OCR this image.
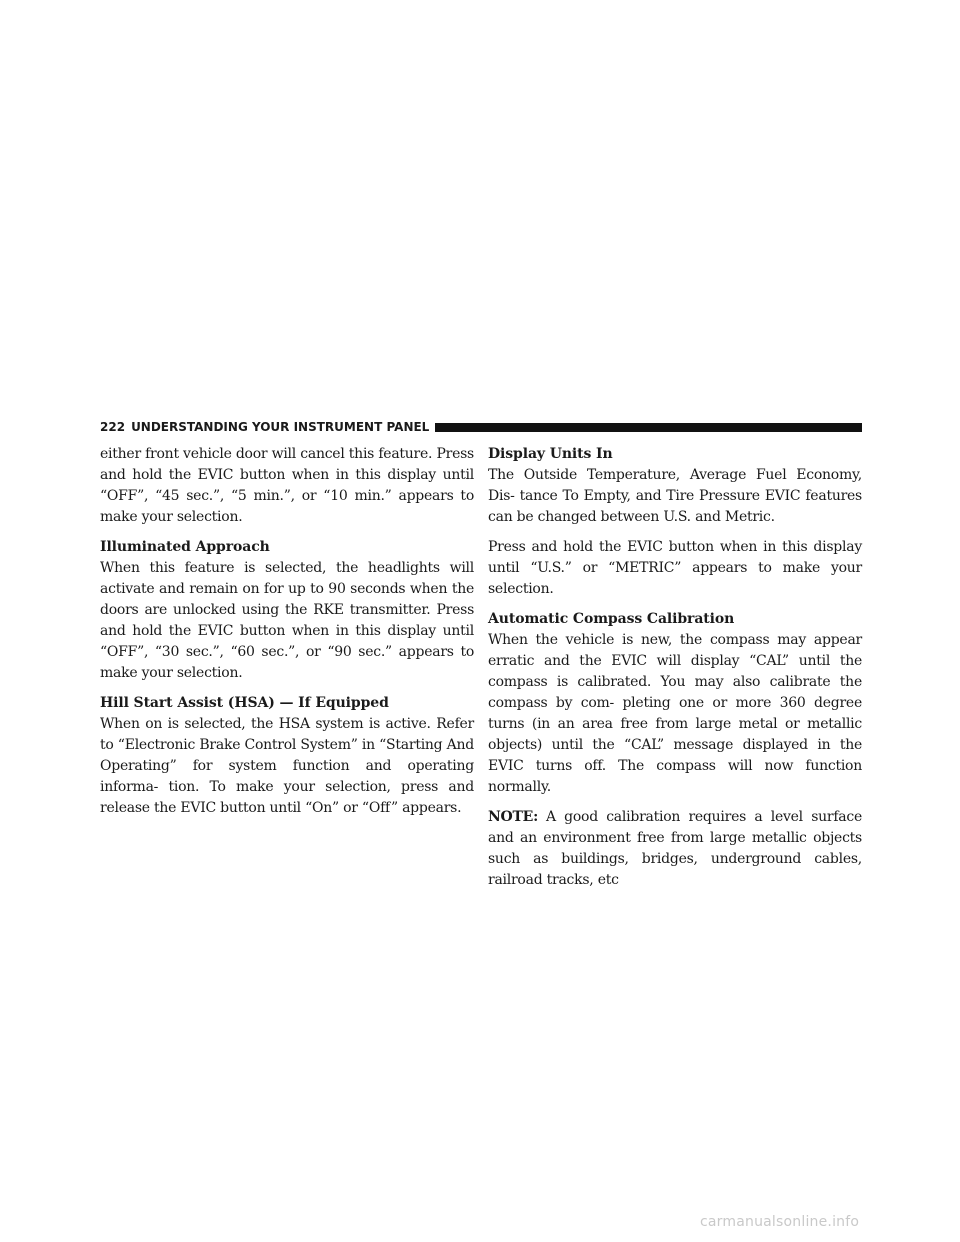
222 UNDERSTANDING YOUR INSTRUMENT PANEL

either front vehicle door will cancel this feature. Press and hold the EVIC button when in this display until “OFF”, “45 sec.”, “5 min.”, or “10 min.” appears to make your selection.

Illuminated Approach

When this feature is selected, the headlights will activate and remain on for up to 90 seconds when the doors are unlocked using the RKE transmitter. Press and hold the EVIC button when in this display until “OFF”, “30 sec.”, “60 sec.”, or “90 sec.” appears to make your selection.

Hill Start Assist (HSA) — If Equipped

When on is selected, the HSA system is active. Refer to “Electronic Brake Control System” in “Starting And Operating” for system function and operating informa- tion. To make your selection, press and release the EVIC button until “On” or “Off” appears.

Display Units In

The Outside Temperature, Average Fuel Economy, Dis- tance To Empty, and Tire Pressure EVIC features can be changed between U.S. and Metric.

Press and hold the EVIC button when in this display until “U.S.” or “METRIC” appears to make your selection.

Automatic Compass Calibration

When the vehicle is new, the compass may appear erratic and the EVIC will display “CAL” until the compass is calibrated. You may also calibrate the compass by com- pleting one or more 360 degree turns (in an area free from large metal or metallic objects) until the “CAL” message displayed in the EVIC turns off. The compass will now function normally.

NOTE: A good calibration requires a level surface and an environment free from large metallic objects such as buildings, bridges, underground cables, railroad tracks, etc

carmanualsonline.info
